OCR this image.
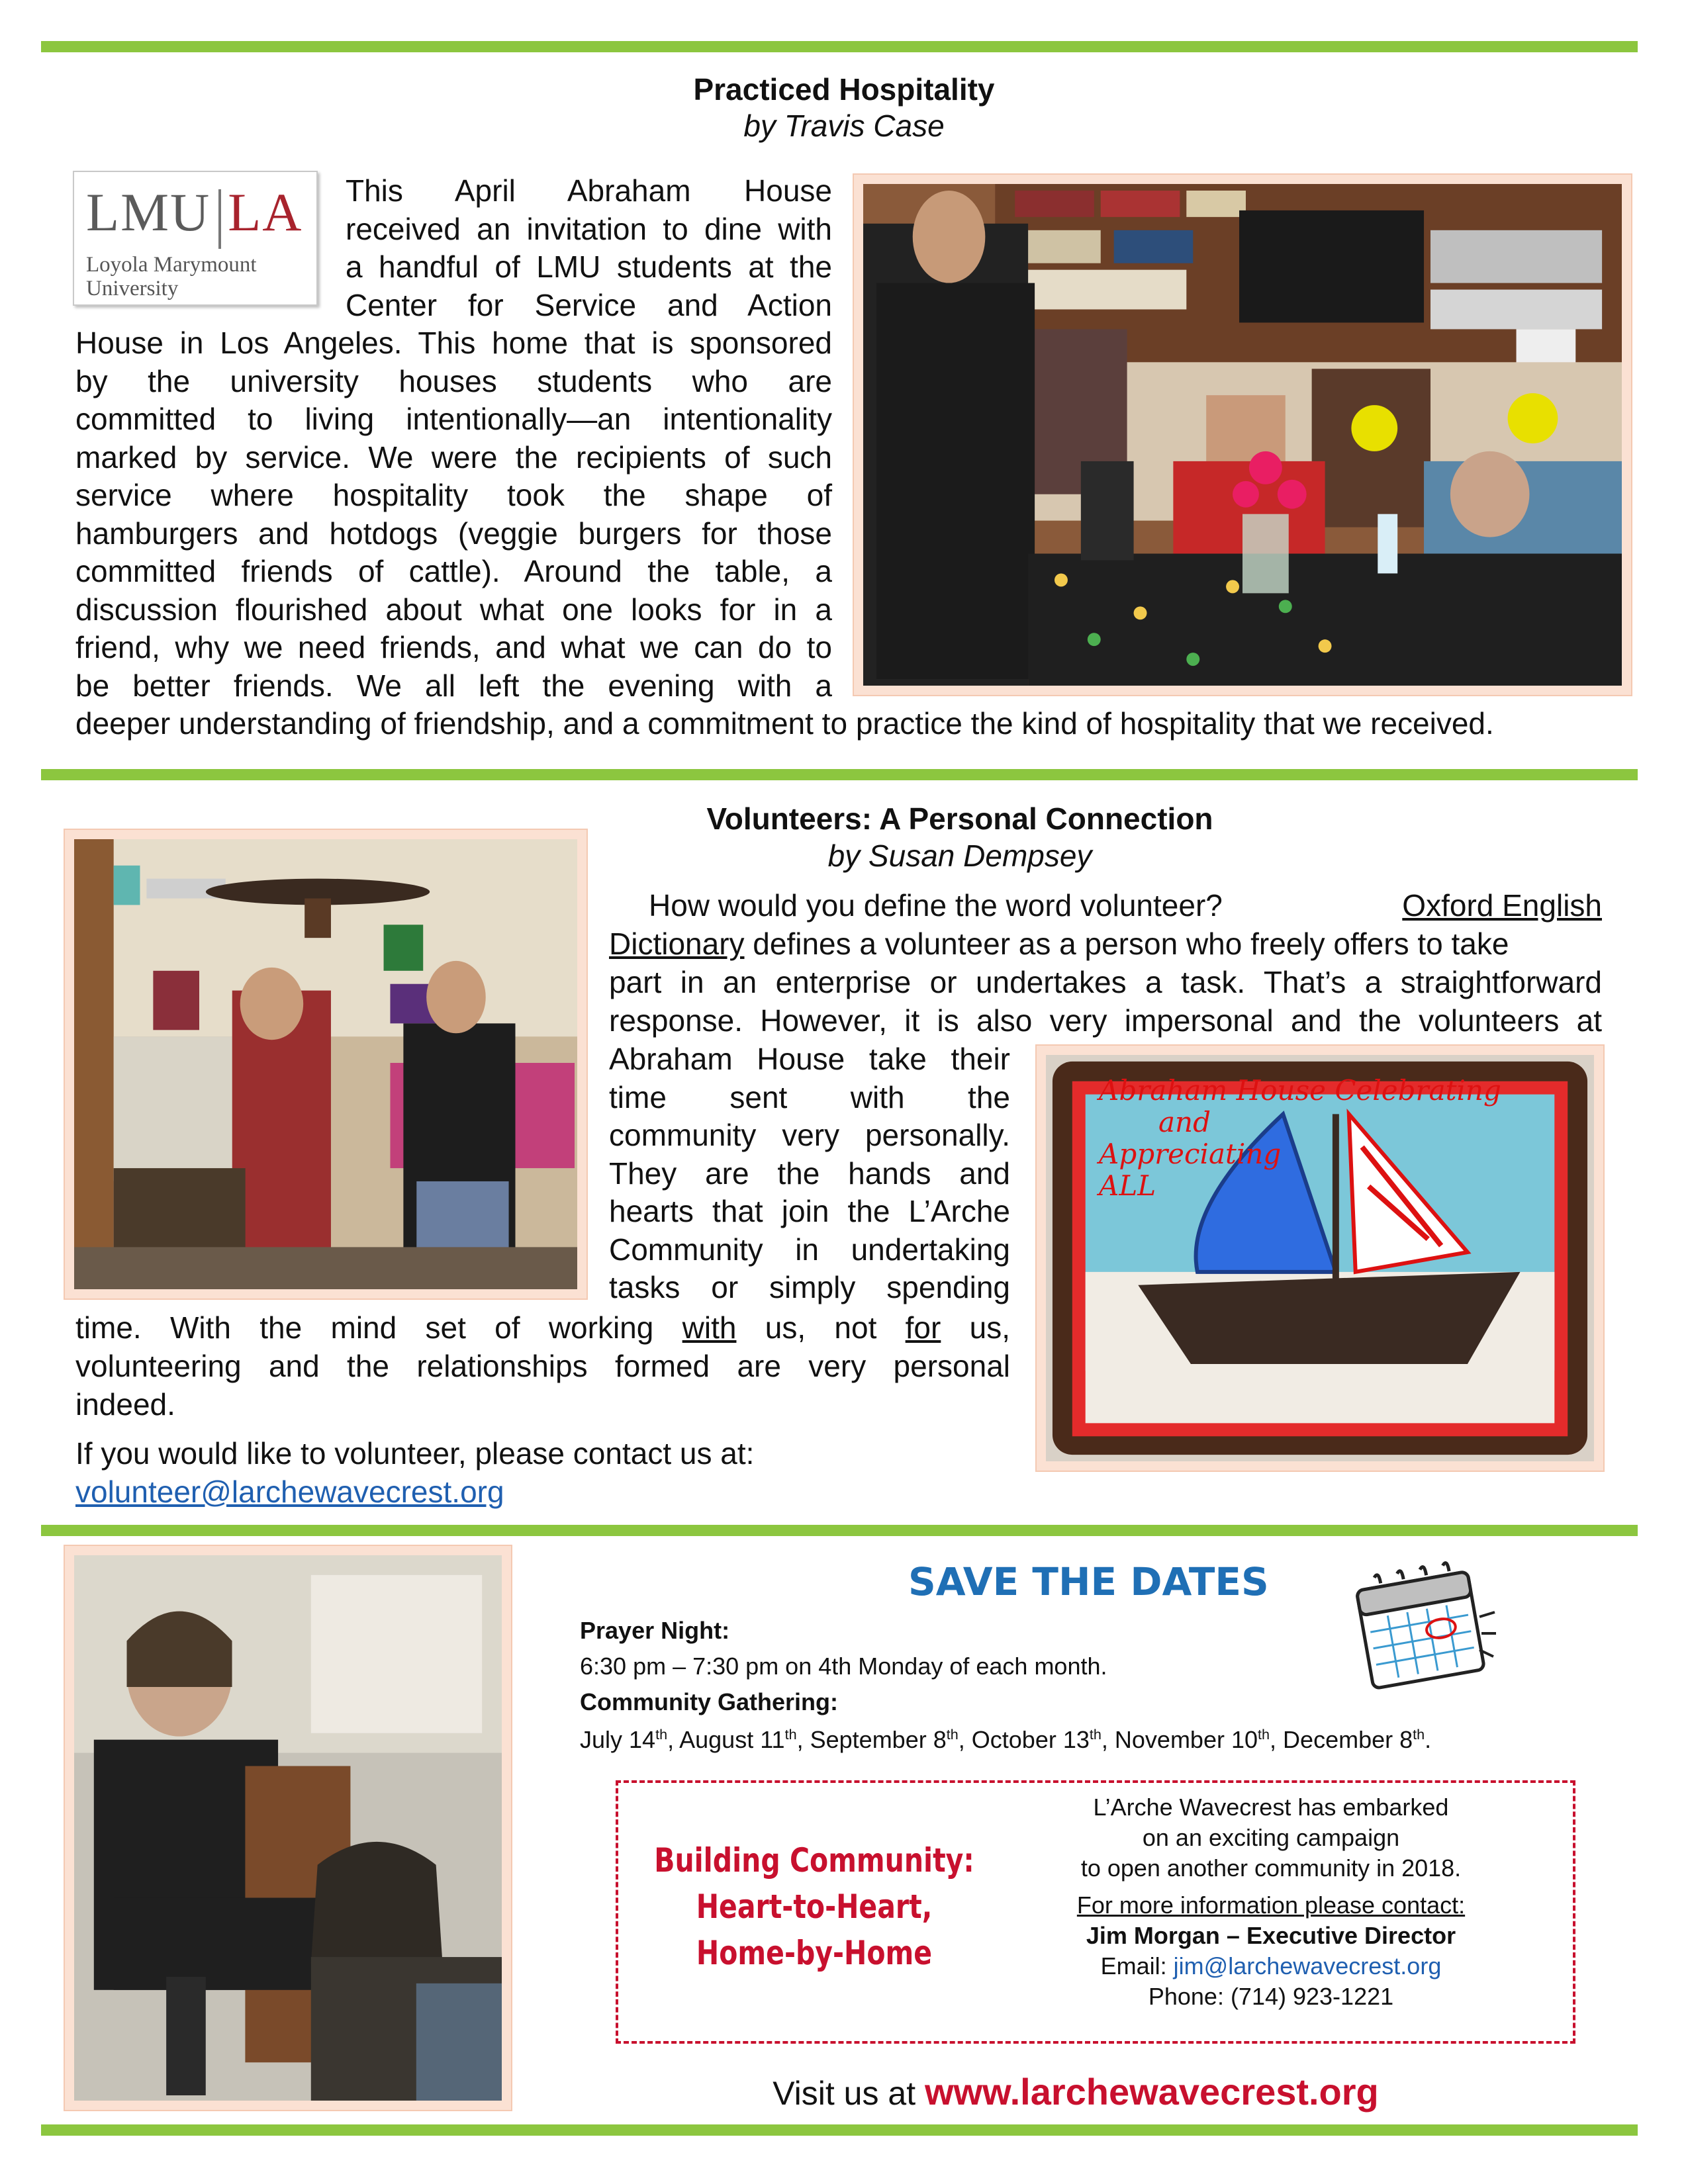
Practiced Hospitality
by Travis Case
LMU LA
Loyola Marymount
University
This April Abraham House
received an invitation to dine with
a handful of LMU students at the
Center for Service and Action
House in Los Angeles. This home that is sponsored
by the university houses students who are
committed to living intentionally—an intentionality
marked by service. We were the recipients of such
service where hospitality took the shape of
hamburgers and hotdogs (veggie burgers for those
committed friends of cattle). Around the table, a
discussion flourished about what one looks for in a
friend, why we need friends, and what we can do to
be better friends. We all left the evening with a
deeper understanding of friendship, and a commitment to practice the kind of hospitality that we received.
Volunteers: A Personal Connection
by Susan Dempsey
How would you define the word volunteer?	Oxford English
Dictionary defines a volunteer as a person who freely offers to take
part in an enterprise or undertakes a task. That’s a straightforward
response. However, it is also very impersonal and the volunteers at
Abraham House take their
time sent with the
community very personally.
They are the hands and
hearts that join the L’Arche
Community in undertaking
tasks or simply spending
time. With the mind set of working with us, not for us,
volunteering and the relationships formed are very personal
indeed.
If you would like to volunteer, please contact us at:
volunteer@larchewavecrest.org
Abraham House Celebrating
and
Appreciating
ALL
SAVE THE DATES
Prayer Night:
6:30 pm – 7:30 pm on 4th Monday of each month.
Community Gathering:
July 14th, August 11th, September 8th, October 13th, November 10th, December 8th.
Building Community:
Heart-to-Heart,
Home-by-Home
L’Arche Wavecrest has embarked
on an exciting campaign
to open another community in 2018.
For more information please contact:
Jim Morgan – Executive Director
Email: jim@larchewavecrest.org
Phone: (714) 923-1221
Visit us at www.larchewavecrest.org
